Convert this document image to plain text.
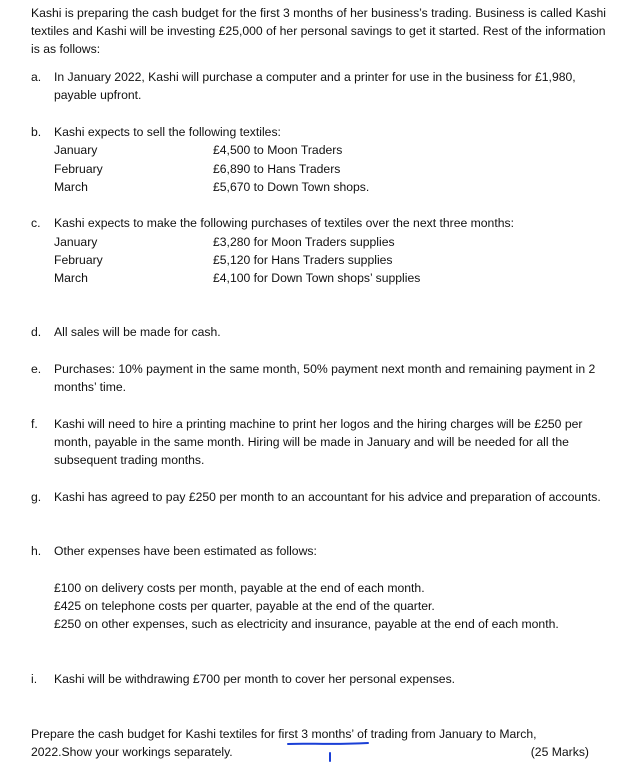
Kashi is preparing the cash budget for the first 3 months of her business’s trading. Business is called Kashi textiles and Kashi will be investing £25,000 of her personal savings to get it started. Rest of the information is as follows:
a.	In January 2022, Kashi will purchase a computer and a printer for use in the business for £1,980, payable upfront.
b.	Kashi expects to sell the following textiles:
January	£4,500 to Moon Traders
February	£6,890 to Hans Traders
March	£5,670 to Down Town shops.
c.	Kashi expects to make the following purchases of textiles over the next three months:
January	£3,280 for Moon Traders supplies
February	£5,120 for Hans Traders supplies
March	£4,100 for Down Town shops’ supplies
d.	All sales will be made for cash.
e.	Purchases: 10% payment in the same month, 50% payment next month and remaining payment in 2 months’ time.
f.	Kashi will need to hire a printing machine to print her logos and the hiring charges will be £250 per month, payable in the same month. Hiring will be made in January and will be needed for all the subsequent trading months.
g.	Kashi has agreed to pay £250 per month to an accountant for his advice and preparation of accounts.
h.	Other expenses have been estimated as follows:
£100 on delivery costs per month, payable at the end of each month.
£425 on telephone costs per quarter, payable at the end of the quarter.
£250 on other expenses, such as electricity and insurance, payable at the end of each month.
i.	Kashi will be withdrawing £700 per month to cover her personal expenses.
Prepare the cash budget for Kashi textiles for first 3 months’ of trading from January to March, 2022.Show your workings separately.	(25 Marks)
